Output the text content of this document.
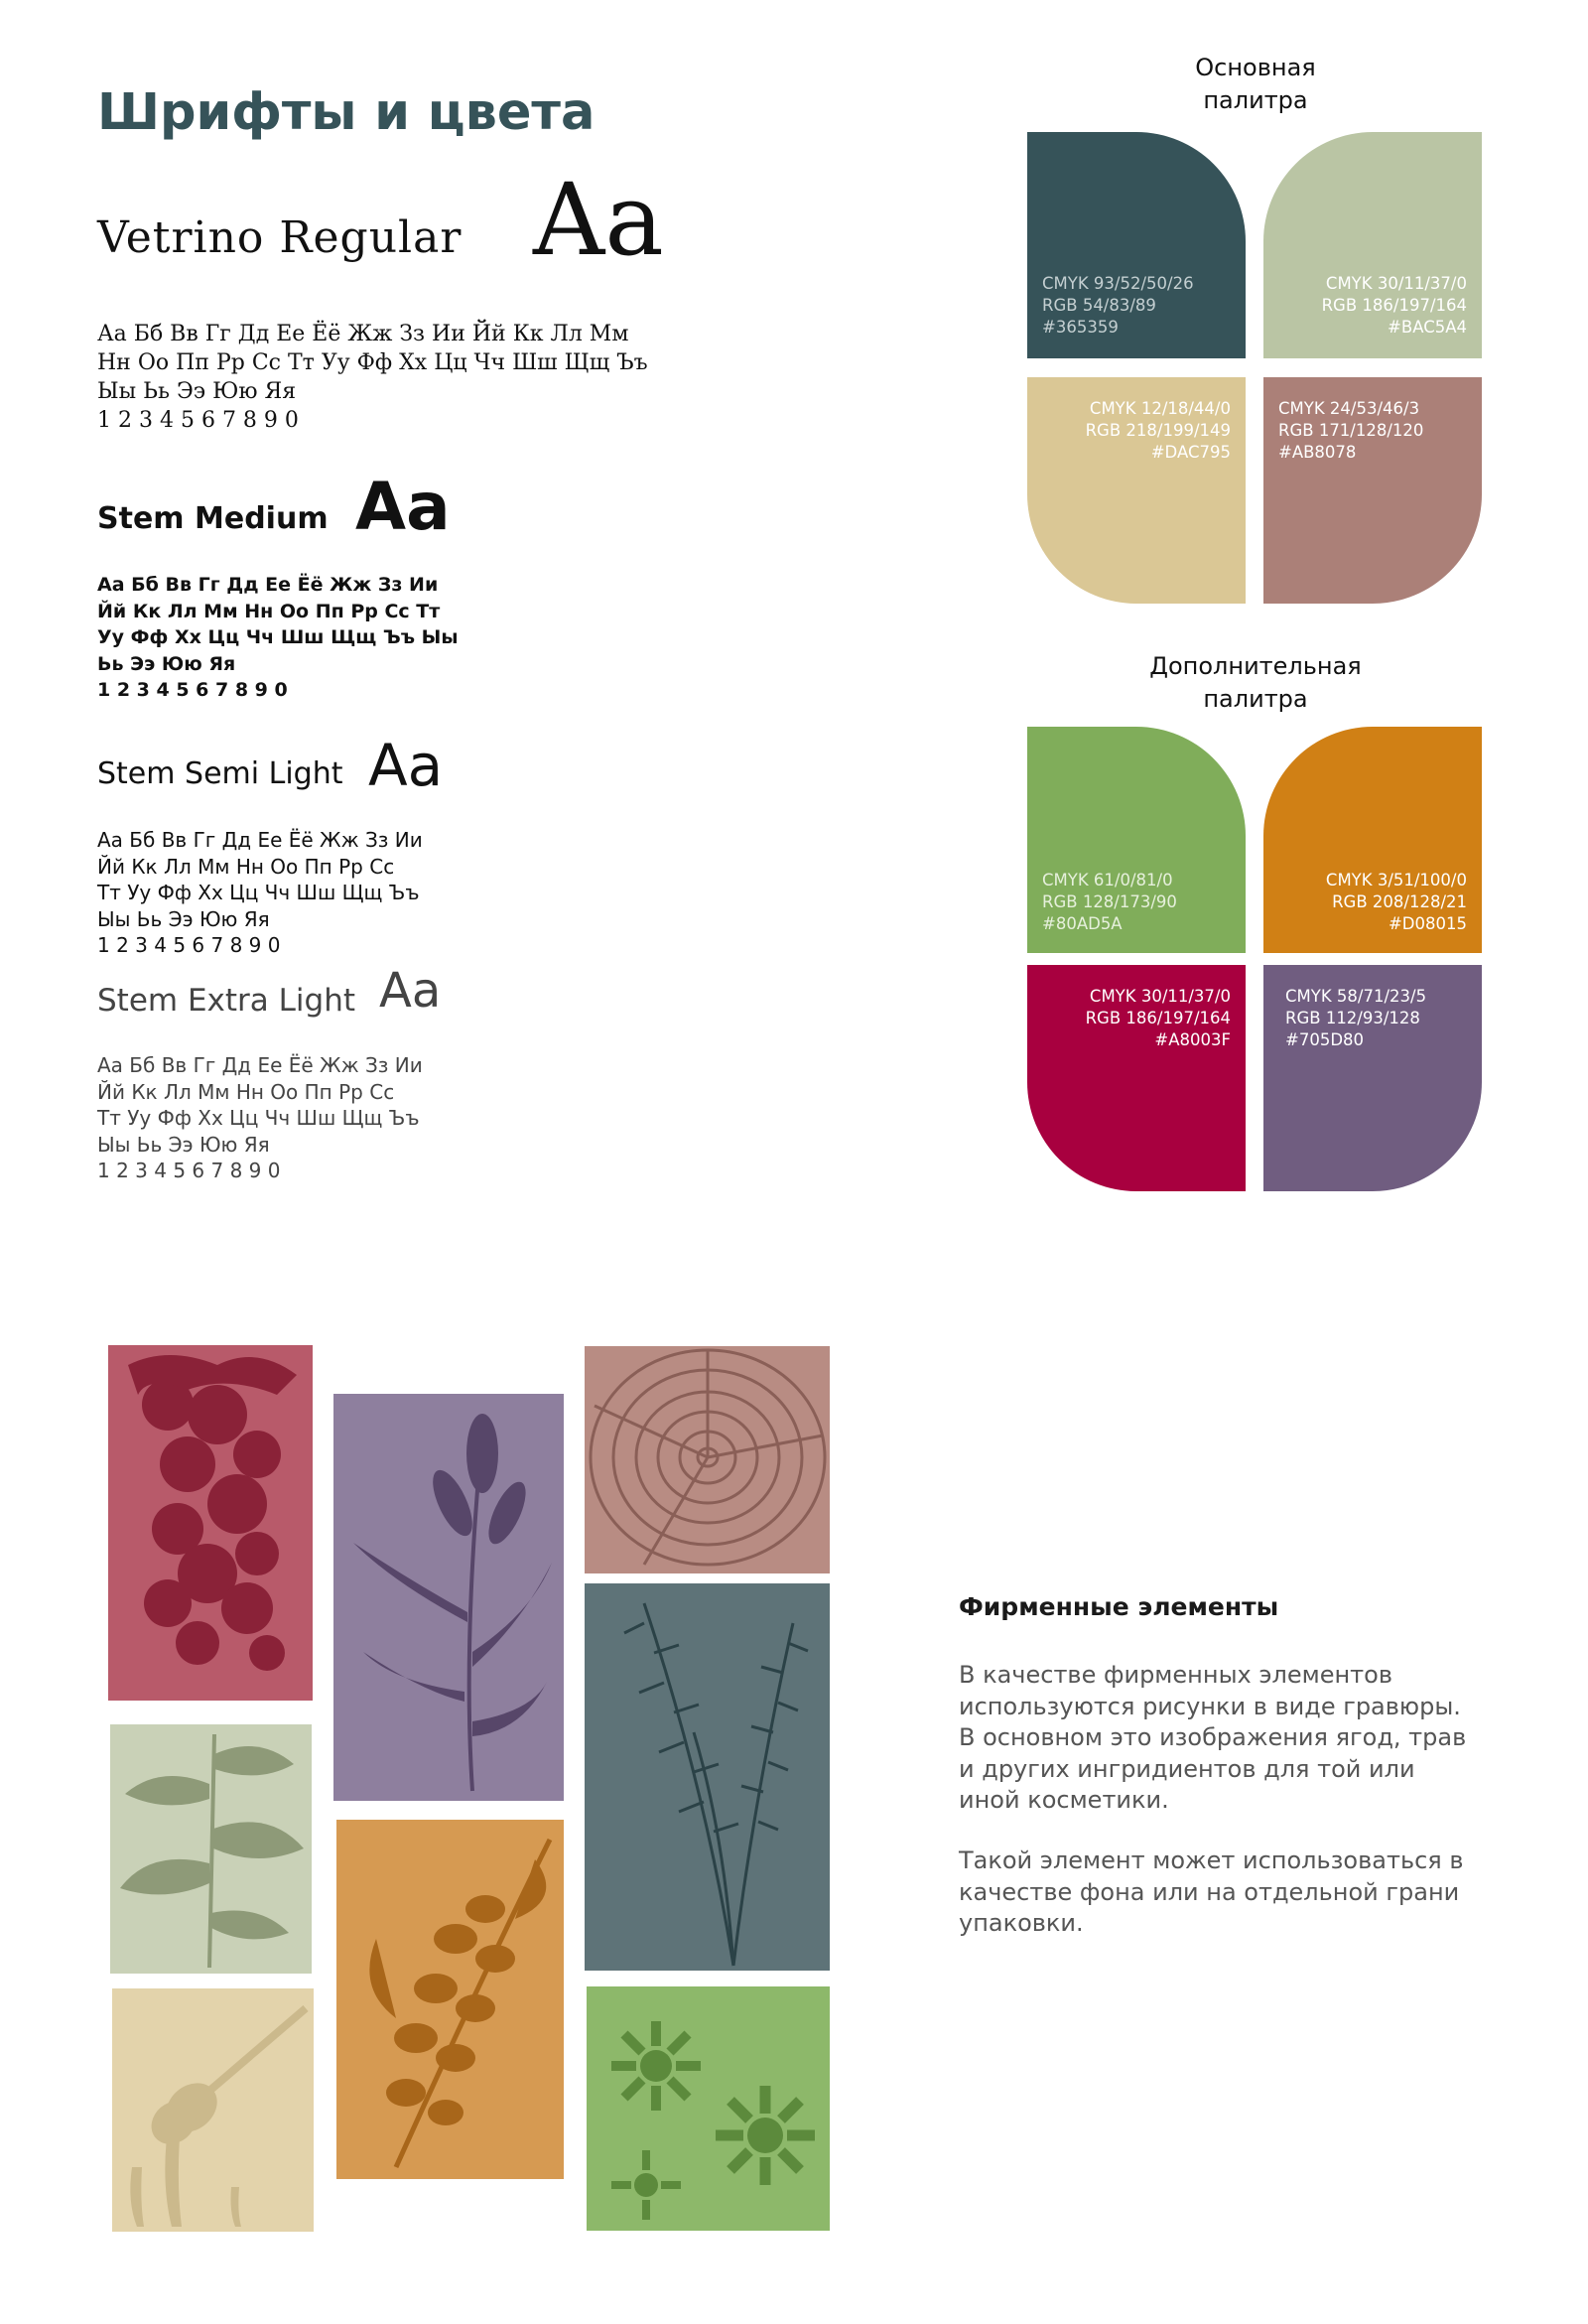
Шрифты и цвета
Vetrino Regular Aa
Аа Бб Вв Гг Дд Ее Ёё Жж Зз Ии Йй Кк Лл Мм
Нн Оо Пп Рр Сс Тт Уу Фф Хх Цц Чч Шш Щщ Ъъ
Ыы Ьь Ээ Юю Яя
1 2 3 4 5 6 7 8 9 0
Stem Medium Aa
Аа Бб Вв Гг Дд Ее Ёё Жж Зз Ии
Йй Кк Лл Мм Нн Оо Пп Рр Сс Тт
Уу Фф Хх Цц Чч Шш Щщ Ъъ Ыы
Ьь Ээ Юю Яя
1 2 3 4 5 6 7 8 9 0
Stem Semi Light Aa
Аа Бб Вв Гг Дд Ее Ёё Жж Зз Ии
Йй Кк Лл Мм Нн Оо Пп Рр Сс
Тт Уу Фф Хх Цц Чч Шш Щщ Ъъ
Ыы Ьь Ээ Юю Яя
1 2 3 4 5 6 7 8 9 0
Stem Extra Light Aa
Аа Бб Вв Гг Дд Ее Ёё Жж Зз Ии
Йй Кк Лл Мм Нн Оо Пп Рр Сс
Тт Уу Фф Хх Цц Чч Шш Щщ Ъъ
Ыы Ьь Ээ Юю Яя
1 2 3 4 5 6 7 8 9 0
Основная
палитра
CMYK 93/52/50/26
RGB 54/83/89
#365359
CMYK 30/11/37/0
RGB 186/197/164
#BAC5A4
CMYK 12/18/44/0
RGB 218/199/149
#DAC795
CMYK 24/53/46/3
RGB 171/128/120
#AB8078
Дополнительная
палитра
CMYK 61/0/81/0
RGB 128/173/90
#80AD5A
CMYK 3/51/100/0
RGB 208/128/21
#D08015
CMYK 30/11/37/0
RGB 186/197/164
#A8003F
CMYK 58/71/23/5
RGB 112/93/128
#705D80
Фирменные элементы
В качестве фирменных элементов
используются рисунки в виде гравюры.
В основном это изображения ягод, трав
и других ингридиентов для той или
иной косметики.
Такой элемент может использоваться в
качестве фона или на отдельной грани
упаковки.
